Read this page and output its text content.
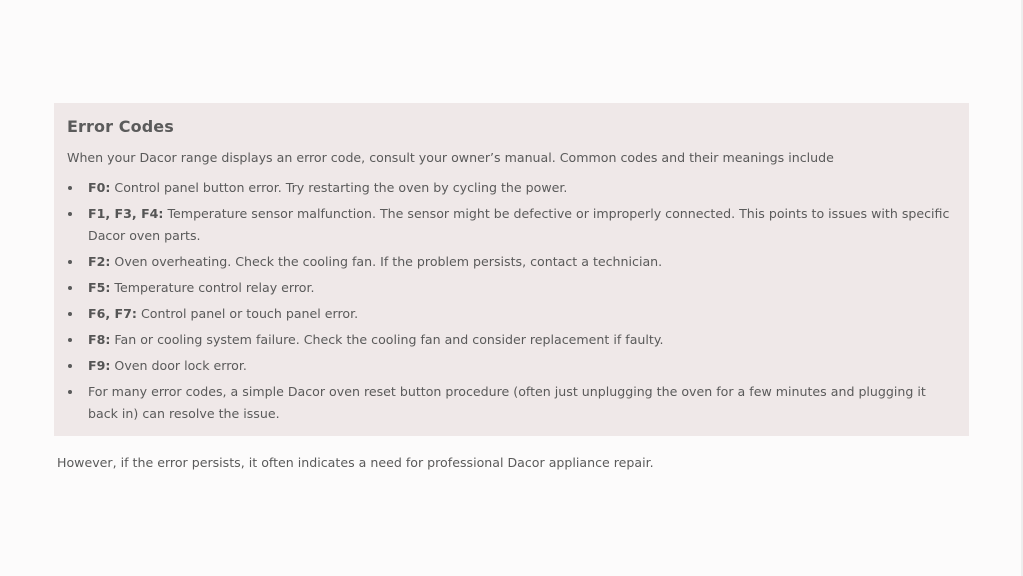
Error Codes

When your Dacor range displays an error code, consult your owner’s manual. Common codes and their meanings include

F0: Control panel button error. Try restarting the oven by cycling the power.
F1, F3, F4: Temperature sensor malfunction. The sensor might be defective or improperly connected. This points to issues with specific Dacor oven parts.
F2: Oven overheating. Check the cooling fan. If the problem persists, contact a technician.
F5: Temperature control relay error.
F6, F7: Control panel or touch panel error.
F8: Fan or cooling system failure. Check the cooling fan and consider replacement if faulty.
F9: Oven door lock error.
For many error codes, a simple Dacor oven reset button procedure (often just unplugging the oven for a few minutes and plugging it back in) can resolve the issue.

However, if the error persists, it often indicates a need for professional Dacor appliance repair.
